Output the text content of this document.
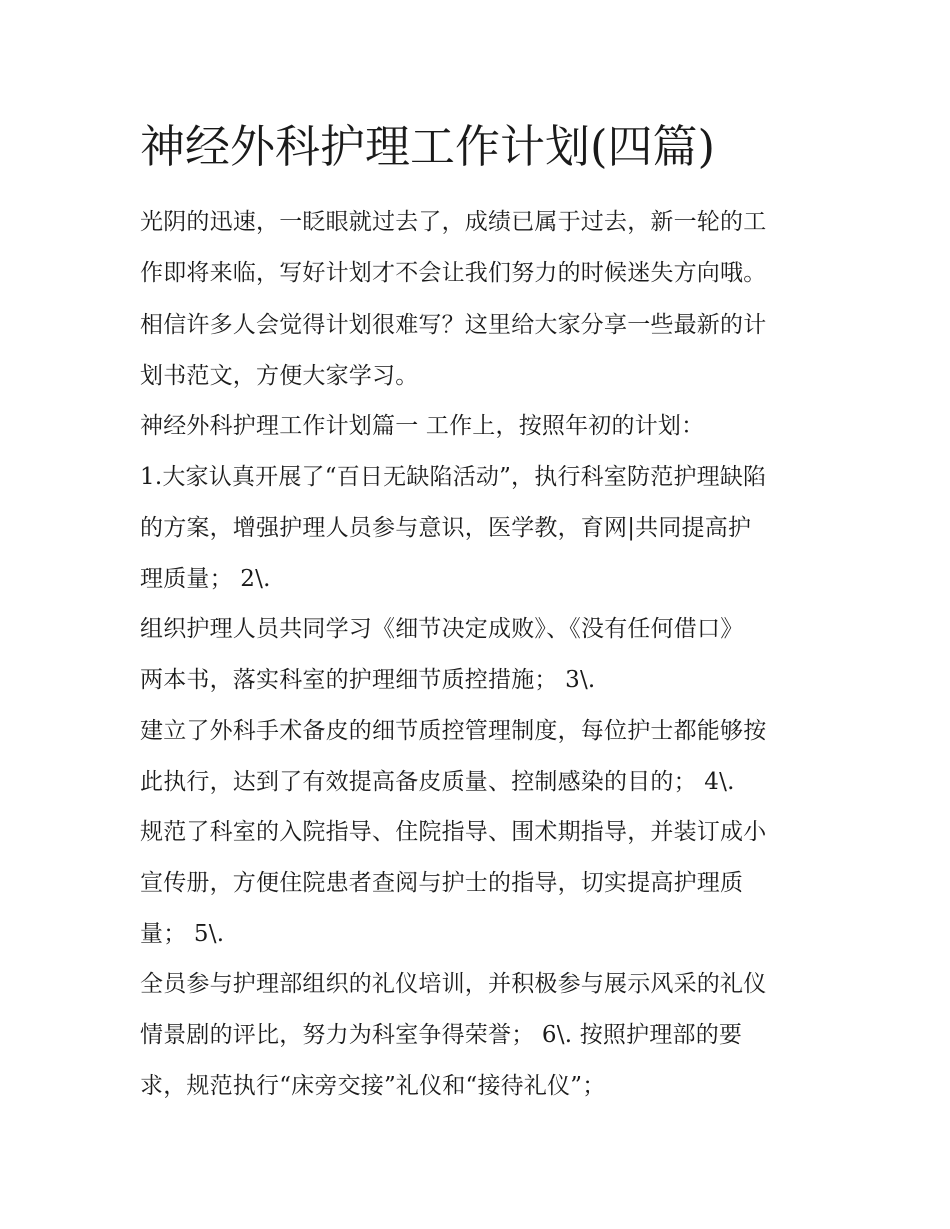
神经外科护理工作计划(四篇)

光阴的迅速，一眨眼就过去了，成绩已属于过去，新一轮的工

作即将来临，写好计划才不会让我们努力的时候迷失方向哦。

相信许多人会觉得计划很难写？这里给大家分享一些最新的计

划书范文，方便大家学习。

神经外科护理工作计划篇一 工作上，按照年初的计划：

1.大家认真开展了“百日无缺陷活动”，执行科室防范护理缺陷

的方案，增强护理人员参与意识，医学教，育网|共同提高护

理质量； 2\.

组织护理人员共同学习《细节决定成败》、《没有任何借口》

两本书，落实科室的护理细节质控措施； 3\.

建立了外科手术备皮的细节质控管理制度，每位护士都能够按

此执行，达到了有效提高备皮质量、控制感染的目的； 4\.

规范了科室的入院指导、住院指导、围术期指导，并装订成小

宣传册，方便住院患者查阅与护士的指导，切实提高护理质

量； 5\.

全员参与护理部组织的礼仪培训，并积极参与展示风采的礼仪

情景剧的评比，努力为科室争得荣誉； 6\. 按照护理部的要

求，规范执行“床旁交接”礼仪和“接待礼仪”；
